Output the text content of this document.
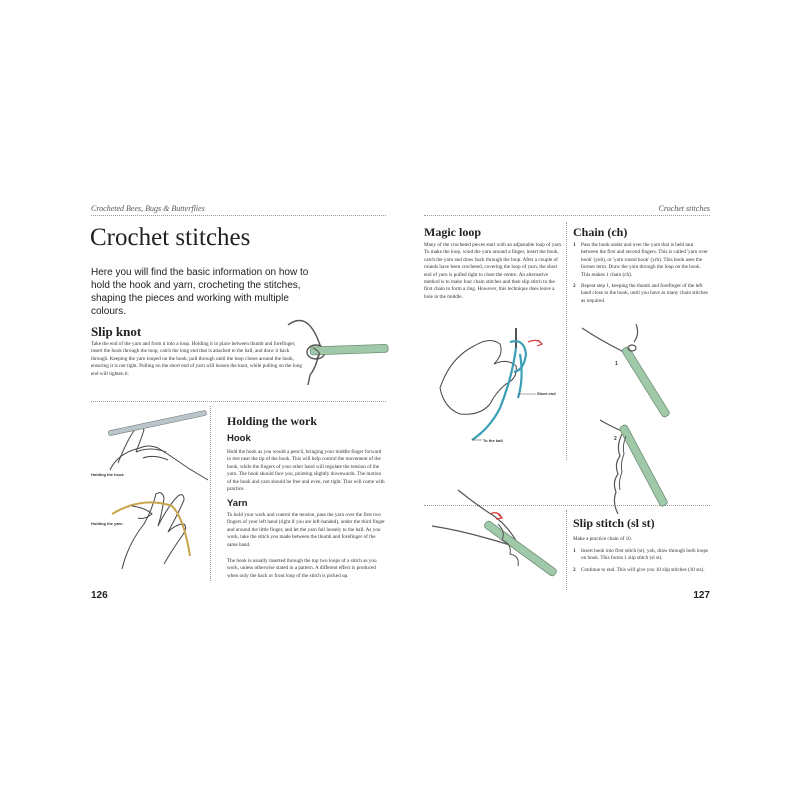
Crocheted Bees, Bugs & Butterflies	Crochet stitches
Crochet stitches
Here you will find the basic information on how to hold the hook and yarn, crocheting the stitches, shaping the pieces and working with multiple colours.
Slip knot

Take the end of the yarn and form it into a loop. Holding it in place between thumb and forefinger, insert the hook through the loop, catch the long end that is attached to the ball, and draw it back through. Keeping the yarn looped on the hook, pull through until the loop closes around the hook, ensuring it is not tight. Pulling on the short end of yarn will loosen the knot, while pulling on the long end will tighten it.

Holding the hook
Holding the yarn
Holding the work
Hook

Hold the hook as you would a pencil, bringing your middle finger forward to rest near the tip of the hook. This will help control the movement of the hook, while the fingers of your other hand will regulate the tension of the yarn. The hook should face you, pointing slightly downwards. The motion of the hook and yarn should be free and even, not tight. This will come with practice.

Yarn

To hold your work and control the tension, pass the yarn over the first two fingers of your left hand (right if you are left-handed), under the third finger and around the little finger, and let the yarn fall loosely to the ball. As you work, take the stitch you made between the thumb and forefinger of the same hand.

The hook is usually inserted through the top two loops of a stitch as you work, unless otherwise stated in a pattern. A different effect is produced when only the back or front loop of the stitch is picked up.

126
Magic loop

Many of the crocheted pieces start with an adjustable loop of yarn. To make the loop, wind the yarn around a finger, insert the hook, catch the yarn and draw back through the loop. After a couple of rounds have been crocheted, covering the loop of yarn, the short end of yarn is pulled tight to close the centre. An alternative method is to make four chain stitches and then slip stitch to the first chain to form a ring. However, this technique does leave a hole in the middle.

Short end
To the ball
Chain (ch)
1 Pass the hook under and over the yarn that is held taut between the first and second fingers. This is called 'yarn over hook' (yoh), or 'yarn round hook' (yrh). This book uses the former term. Draw the yarn through the loop on the hook. This makes 1 chain (ch).
2 Repeat step 1, keeping the thumb and forefinger of the left hand close to the hook, until you have as many chain stitches as required.
1
2
Slip stitch (sl st)

Make a practice chain of 10.

1 Insert hook into first stitch (st), yoh, draw through both loops on hook. This forms 1 slip stitch (sl st).
2 Continue to end. This will give you 10 slip stitches (10 sts).
127
